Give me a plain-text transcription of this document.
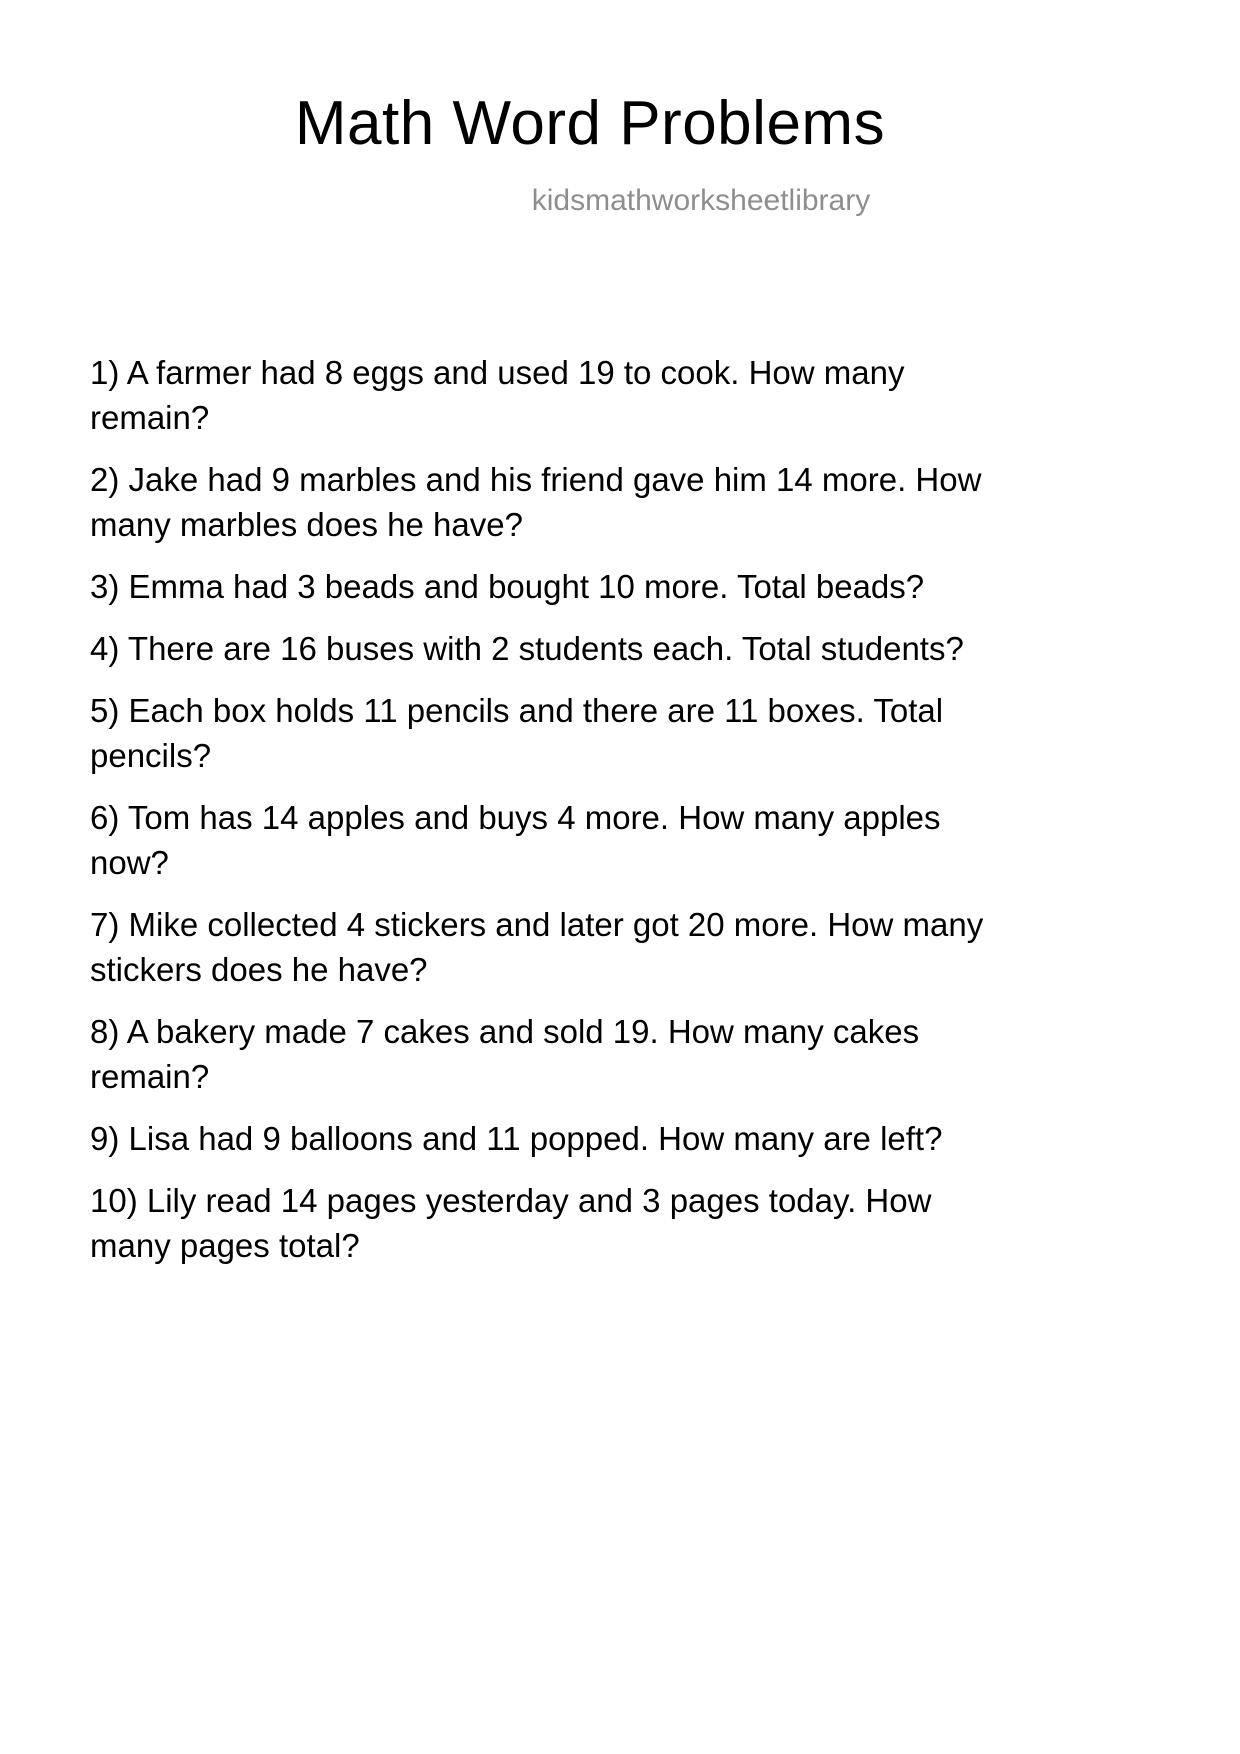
Math Word Problems
kidsmathworksheetlibrary

1) A farmer had 8 eggs and used 19 to cook. How many remain?

2) Jake had 9 marbles and his friend gave him 14 more. How many marbles does he have?

3) Emma had 3 beads and bought 10 more. Total beads?

4) There are 16 buses with 2 students each. Total students?

5) Each box holds 11 pencils and there are 11 boxes. Total pencils?

6) Tom has 14 apples and buys 4 more. How many apples now?

7) Mike collected 4 stickers and later got 20 more. How many stickers does he have?

8) A bakery made 7 cakes and sold 19. How many cakes remain?

9) Lisa had 9 balloons and 11 popped. How many are left?

10) Lily read 14 pages yesterday and 3 pages today. How many pages total?
